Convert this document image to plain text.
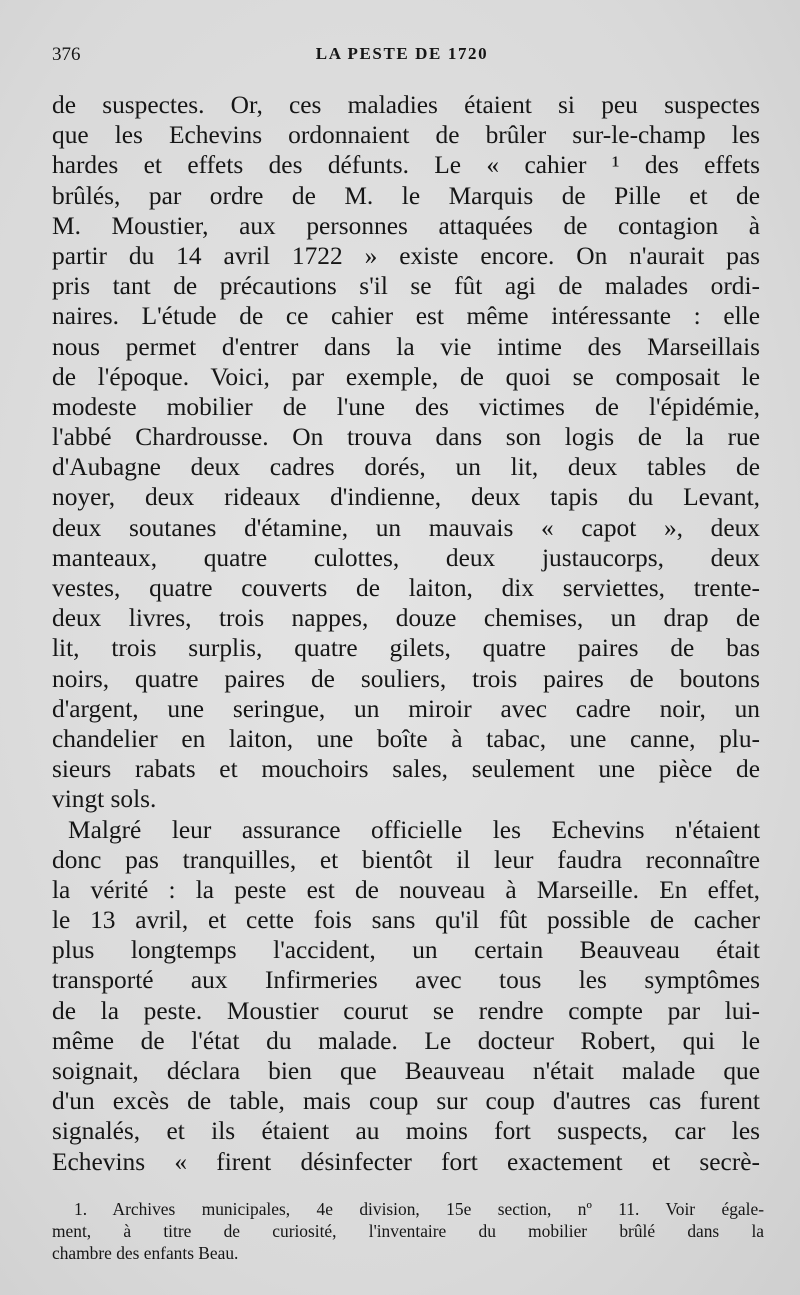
376	LA PESTE DE 1720
de suspectes. Or, ces maladies étaient si peu suspectes
que les Echevins ordonnaient de brûler sur-le-champ les
hardes et effets des défunts. Le « cahier ¹ des effets
brûlés, par ordre de M. le Marquis de Pille et de
M. Moustier, aux personnes attaquées de contagion à
partir du 14 avril 1722 » existe encore. On n'aurait pas
pris tant de précautions s'il se fût agi de malades ordi-
naires. L'étude de ce cahier est même intéressante : elle
nous permet d'entrer dans la vie intime des Marseillais
de l'époque. Voici, par exemple, de quoi se composait le
modeste mobilier de l'une des victimes de l'épidémie,
l'abbé Chardrousse. On trouva dans son logis de la rue
d'Aubagne deux cadres dorés, un lit, deux tables de
noyer, deux rideaux d'indienne, deux tapis du Levant,
deux soutanes d'étamine, un mauvais « capot », deux
manteaux, quatre culottes, deux justaucorps, deux
vestes, quatre couverts de laiton, dix serviettes, trente-
deux livres, trois nappes, douze chemises, un drap de
lit, trois surplis, quatre gilets, quatre paires de bas
noirs, quatre paires de souliers, trois paires de boutons
d'argent, une seringue, un miroir avec cadre noir, un
chandelier en laiton, une boîte à tabac, une canne, plu-
sieurs rabats et mouchoirs sales, seulement une pièce de
vingt sols.
Malgré leur assurance officielle les Echevins n'étaient
donc pas tranquilles, et bientôt il leur faudra reconnaître
la vérité : la peste est de nouveau à Marseille. En effet,
le 13 avril, et cette fois sans qu'il fût possible de cacher
plus longtemps l'accident, un certain Beauveau était
transporté aux Infirmeries avec tous les symptômes
de la peste. Moustier courut se rendre compte par lui-
même de l'état du malade. Le docteur Robert, qui le
soignait, déclara bien que Beauveau n'était malade que
d'un excès de table, mais coup sur coup d'autres cas furent
signalés, et ils étaient au moins fort suspects, car les
Echevins « firent désinfecter fort exactement et secrè-
1. Archives municipales, 4e division, 15e section, nº 11. Voir égale-
ment, à titre de curiosité, l'inventaire du mobilier brûlé dans la
chambre des enfants Beau.
